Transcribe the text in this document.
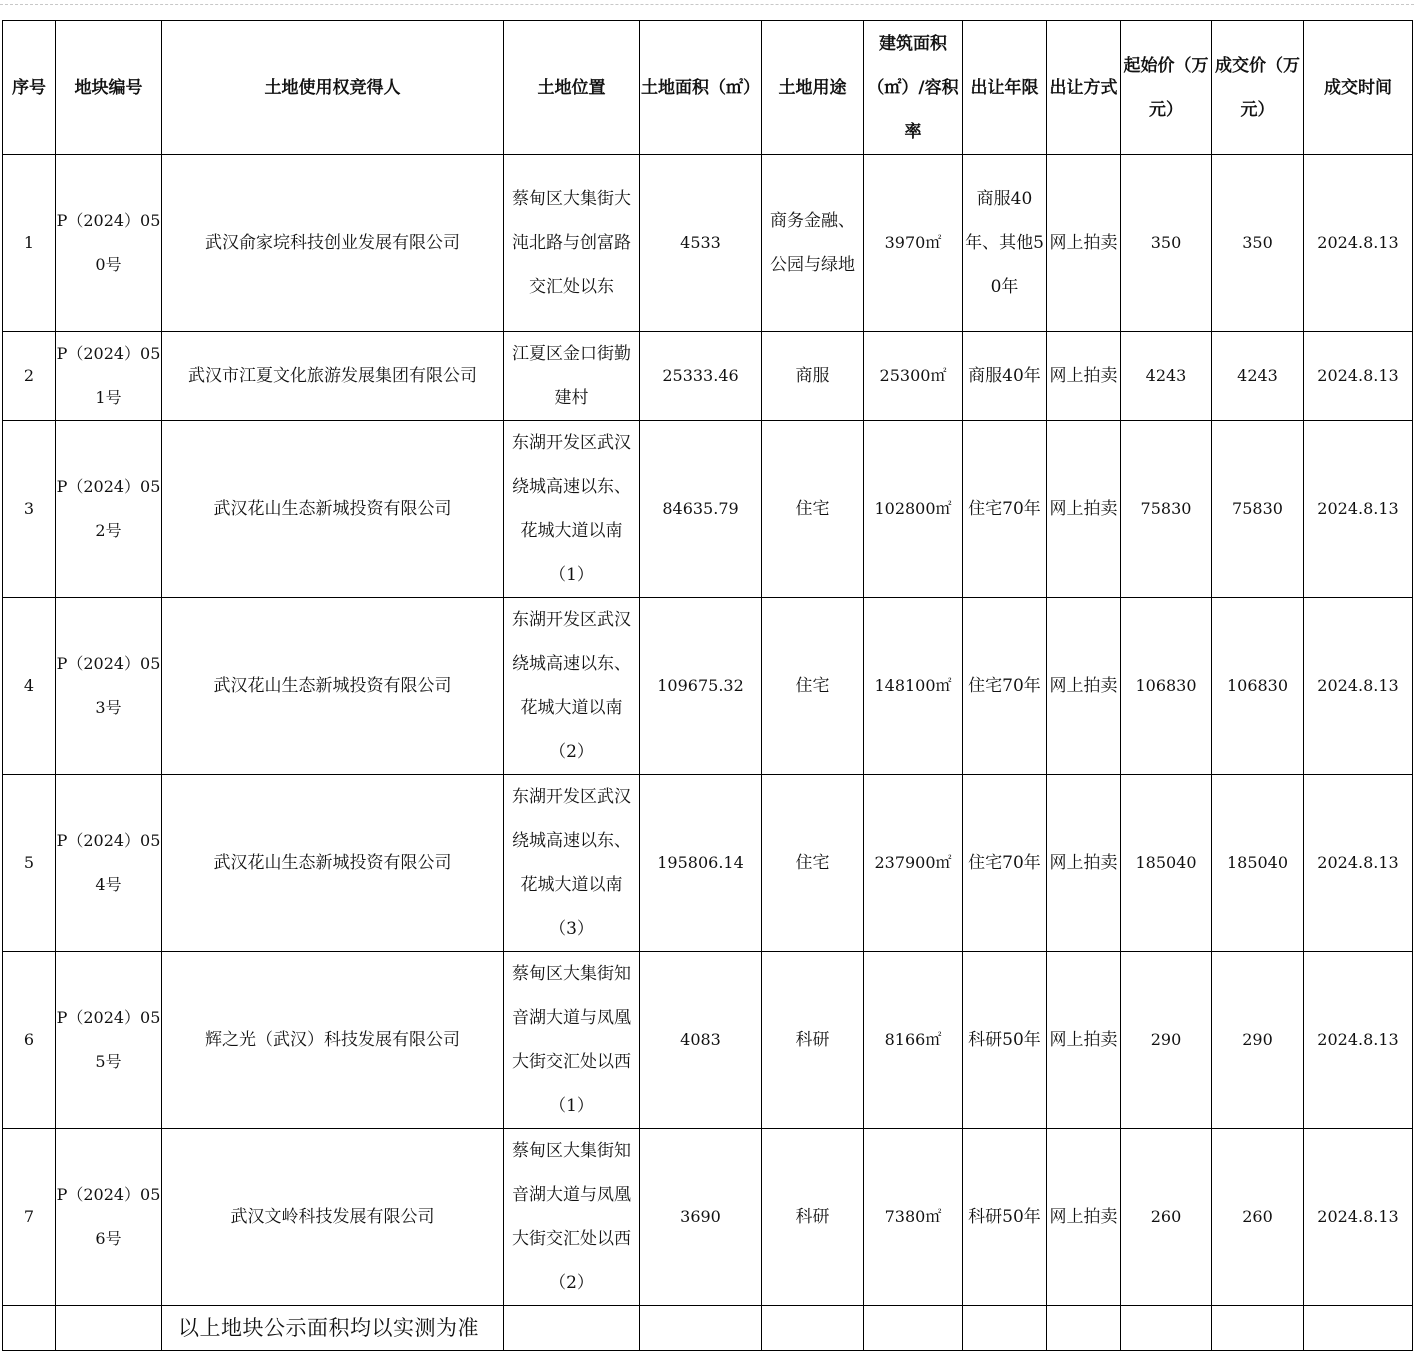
序号	地块编号	土地使用权竞得人	土地位置	土地面积（㎡）	土地用途	建筑面积（㎡）/容积率	出让年限	出让方式	起始价（万元）	成交价（万元）	成交时间
1	P（2024）050号	武汉俞家垸科技创业发展有限公司	蔡甸区大集街大沌北路与创富路交汇处以东	4533	商务金融、公园与绿地	3970㎡	商服40年、其他50年	网上拍卖	350	350	2024.8.13
2	P（2024）051号	武汉市江夏文化旅游发展集团有限公司	江夏区金口街勤建村	25333.46	商服	25300㎡	商服40年	网上拍卖	4243	4243	2024.8.13
3	P（2024）052号	武汉花山生态新城投资有限公司	东湖开发区武汉绕城高速以东、花城大道以南（1）	84635.79	住宅	102800㎡	住宅70年	网上拍卖	75830	75830	2024.8.13
4	P（2024）053号	武汉花山生态新城投资有限公司	东湖开发区武汉绕城高速以东、花城大道以南（2）	109675.32	住宅	148100㎡	住宅70年	网上拍卖	106830	106830	2024.8.13
5	P（2024）054号	武汉花山生态新城投资有限公司	东湖开发区武汉绕城高速以东、花城大道以南（3）	195806.14	住宅	237900㎡	住宅70年	网上拍卖	185040	185040	2024.8.13
6	P（2024）055号	辉之光（武汉）科技发展有限公司	蔡甸区大集街知音湖大道与凤凰大街交汇处以西（1）	4083	科研	8166㎡	科研50年	网上拍卖	290	290	2024.8.13
7	P（2024）056号	武汉文岭科技发展有限公司	蔡甸区大集街知音湖大道与凤凰大街交汇处以西（2）	3690	科研	7380㎡	科研50年	网上拍卖	260	260	2024.8.13
		以上地块公示面积均以实测为准									
